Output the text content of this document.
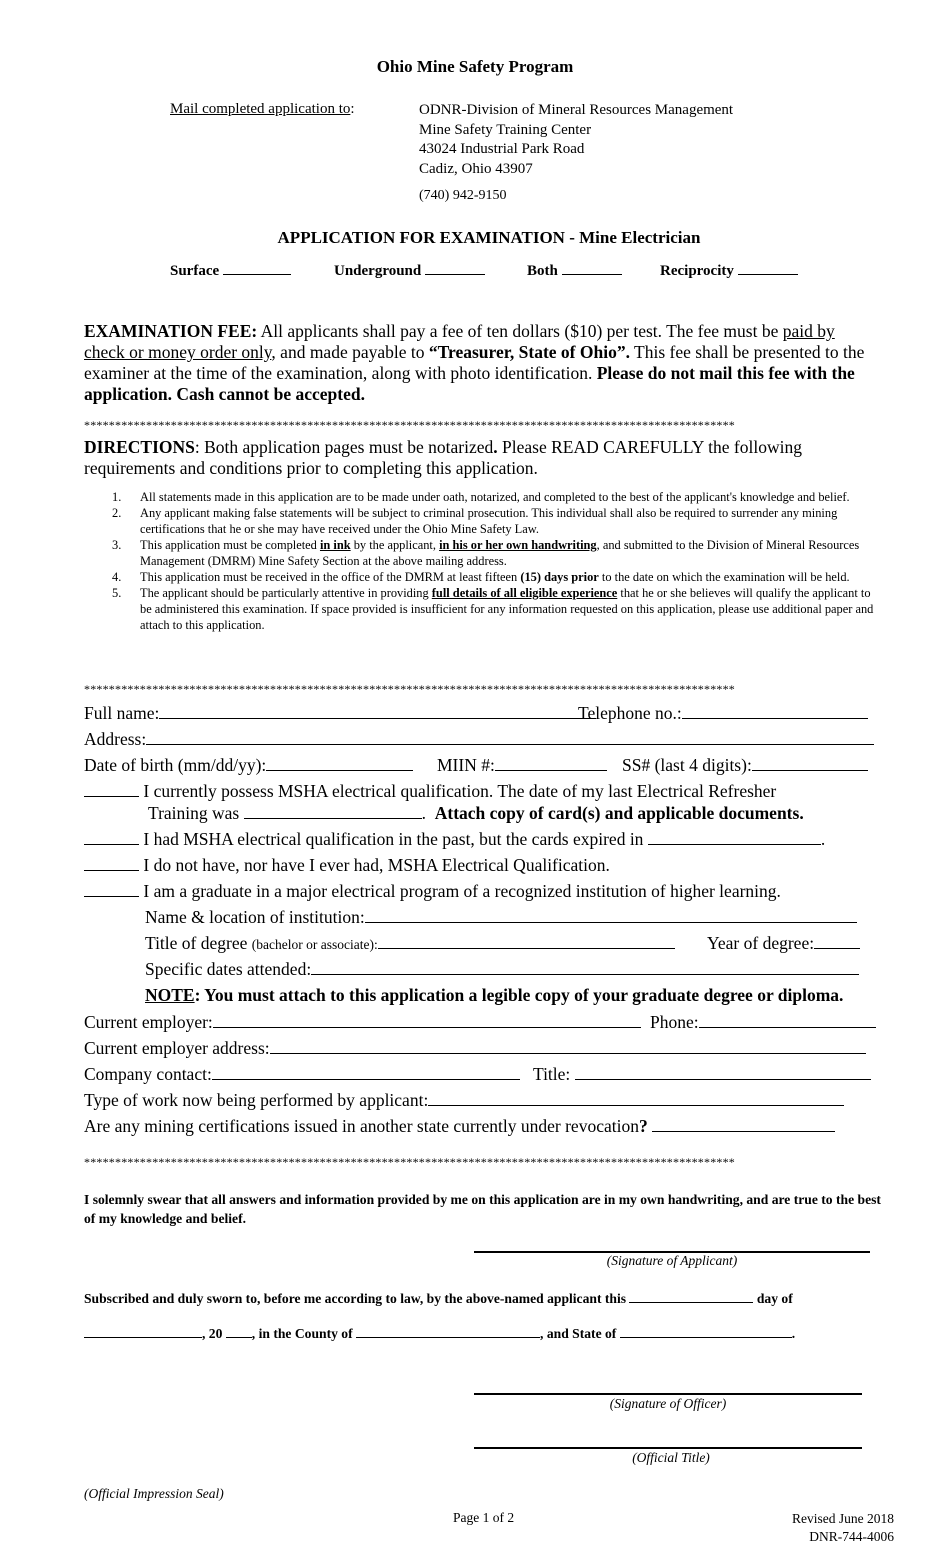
Ohio Mine Safety Program
Mail completed application to:	ODNR-Division of Mineral Resources Management
Mine Safety Training Center
43024 Industrial Park Road
Cadiz, Ohio 43907
(740) 942-9150
APPLICATION FOR EXAMINATION - Mine Electrician
Surface	Underground	Both	Reciprocity
EXAMINATION FEE: All applicants shall pay a fee of ten dollars ($10) per test. The fee must be paid by check or money order only, and made payable to “Treasurer, State of Ohio”. This fee shall be presented to the examiner at the time of the examination, along with photo identification. Please do not mail this fee with the application. Cash cannot be accepted.
*********************************************************************************************************
DIRECTIONS: Both application pages must be notarized. Please READ CAREFULLY the following requirements and conditions prior to completing this application.
1. All statements made in this application are to be made under oath, notarized, and completed to the best of the applicant's knowledge and belief.
2. Any applicant making false statements will be subject to criminal prosecution. This individual shall also be required to surrender any mining certifications that he or she may have received under the Ohio Mine Safety Law.
3. This application must be completed in ink by the applicant, in his or her own handwriting, and submitted to the Division of Mineral Resources Management (DMRM) Mine Safety Section at the above mailing address.
4. This application must be received in the office of the DMRM at least fifteen (15) days prior to the date on which the examination will be held.
5. The applicant should be particularly attentive in providing full details of all eligible experience that he or she believes will qualify the applicant to be administered this examination. If space provided is insufficient for any information requested on this application, please use additional paper and attach to this application.
*********************************************************************************************************
Full name:	Telephone no.:
Address:
Date of birth (mm/dd/yy):	MIIN #:	SS# (last 4 digits):
I currently possess MSHA electrical qualification. The date of my last Electrical Refresher
Training was	. Attach copy of card(s) and applicable documents.
I had MSHA electrical qualification in the past, but the cards expired in	.
I do not have, nor have I ever had, MSHA Electrical Qualification.
I am a graduate in a major electrical program of a recognized institution of higher learning.
Name & location of institution:
Title of degree (bachelor or associate):	Year of degree:
Specific dates attended:
NOTE: You must attach to this application a legible copy of your graduate degree or diploma.
Current employer:	Phone:
Current employer address:
Company contact:	Title:
Type of work now being performed by applicant:
Are any mining certifications issued in another state currently under revocation?
*********************************************************************************************************
I solemnly swear that all answers and information provided by me on this application are in my own handwriting, and are true to the best of my knowledge and belief.
(Signature of Applicant)
Subscribed and duly sworn to, before me according to law, by the above-named applicant this	day of
, 20 , in the County of	, and State of	.
(Signature of Officer)
(Official Title)
(Official Impression Seal)
Page 1 of 2	Revised June 2018
DNR-744-4006
